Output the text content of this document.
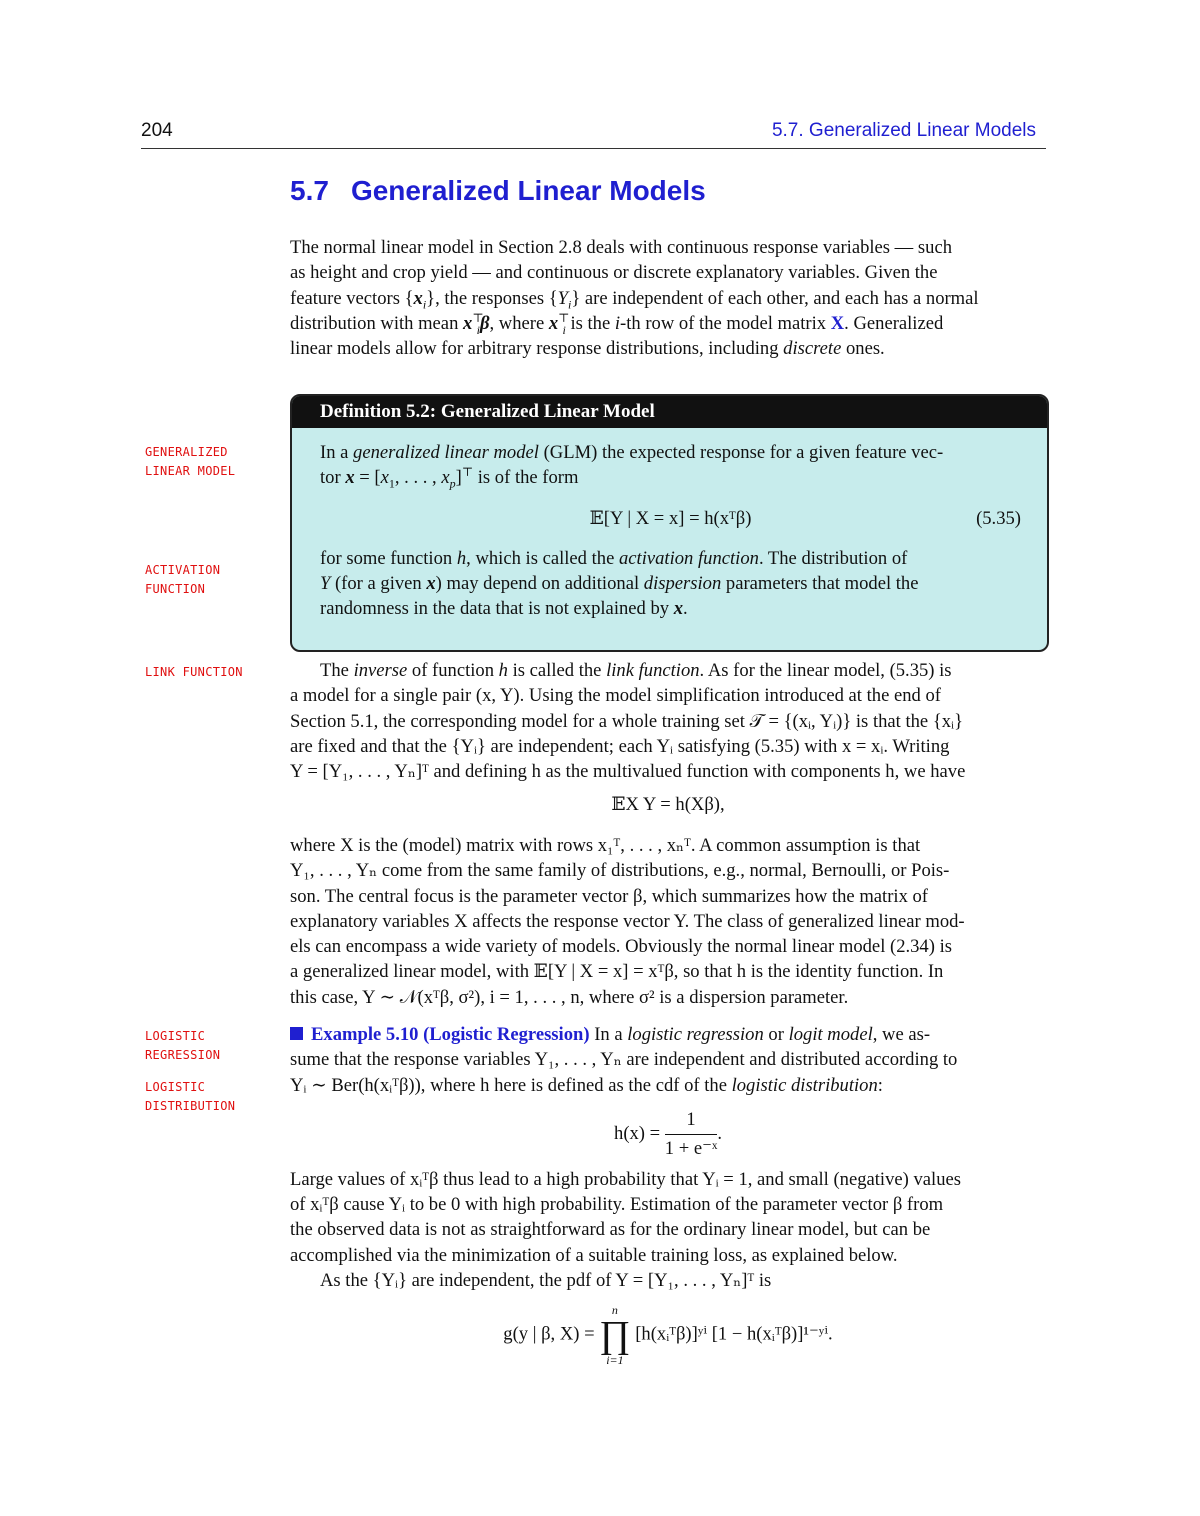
204	5.7. Generalized Linear Models
5.7 Generalized Linear Models
The normal linear model in Section 2.8 deals with continuous response variables — such
as height and crop yield — and continuous or discrete explanatory variables. Given the
feature vectors $\{x_i\}$, the responses $\{Y_i\}$ are independent of each other, and each has a normal
distribution with mean $x^⊤_i\beta$, where $x^⊤_i$ is the i-th row of the model matrix X. Generalized
linear models allow for arbitrary response distributions, including discrete ones.
GENERALIZED
LINEAR MODEL
ACTIVATION
FUNCTION
LINK FUNCTION
LOGISTIC
REGRESSION
LOGISTIC
DISTRIBUTION
Definition 5.2: Generalized Linear Model
In a generalized linear model (GLM) the expected response for a given feature vec-
tor $x = [x_1$, . . . , $x_p]^⊤$ is of the form
𝔼[Y | X = x] = h(xᵀβ)	(5.35)
for some function h, which is called the activation function. The distribution of
Y (for a given x) may depend on additional dispersion parameters that model the
randomness in the data that is not explained by x.
The inverse of function h is called the link function. As for the linear model, (5.35) is
a model for a single pair (x, Y). Using the model simplification introduced at the end of
Section 5.1, the corresponding model for a whole training set 𝒯 = {(xᵢ, Yᵢ)} is that the {xᵢ}
are fixed and that the {Yᵢ} are independent; each Yᵢ satisfying (5.35) with x = xᵢ. Writing
Y = [Y₁, . . . , Yₙ]ᵀ and defining h as the multivalued function with components h, we have
𝔼X Y = h(Xβ),
where X is the (model) matrix with rows x₁ᵀ, . . . , xₙᵀ. A common assumption is that
Y₁, . . . , Yₙ come from the same family of distributions, e.g., normal, Bernoulli, or Pois-
son. The central focus is the parameter vector β, which summarizes how the matrix of
explanatory variables X affects the response vector Y. The class of generalized linear mod-
els can encompass a wide variety of models. Obviously the normal linear model (2.34) is
a generalized linear model, with 𝔼[Y | X = x] = xᵀβ, so that h is the identity function. In
this case, Y ∼ 𝒩(xᵀβ, σ²), i = 1, . . . , n, where σ² is a dispersion parameter.
Example 5.10 (Logistic Regression) In a logistic regression or logit model, we as-
sume that the response variables Y₁, . . . , Yₙ are independent and distributed according to
Yᵢ ∼ Ber(h(xᵢᵀβ)), where h here is defined as the cdf of the logistic distribution:
$h(x) = \frac{1}{\text{1 + e⁻ˣ}}$ .
Large values of xᵢᵀβ thus lead to a high probability that Yᵢ = 1, and small (negative) values
of xᵢᵀβ cause Yᵢ to be 0 with high probability. Estimation of the parameter vector β from
the observed data is not as straightforward as for the ordinary linear model, but can be
accomplished via the minimization of a suitable training loss, as explained below.
As the {Yᵢ} are independent, the pdf of Y = [Y₁, . . . , Yₙ]ᵀ is
g(y | β, X) = n
∏
i=1 [h(xᵢᵀβ)]ʸⁱ [1 − h(xᵢᵀβ)]¹⁻ʸⁱ.
